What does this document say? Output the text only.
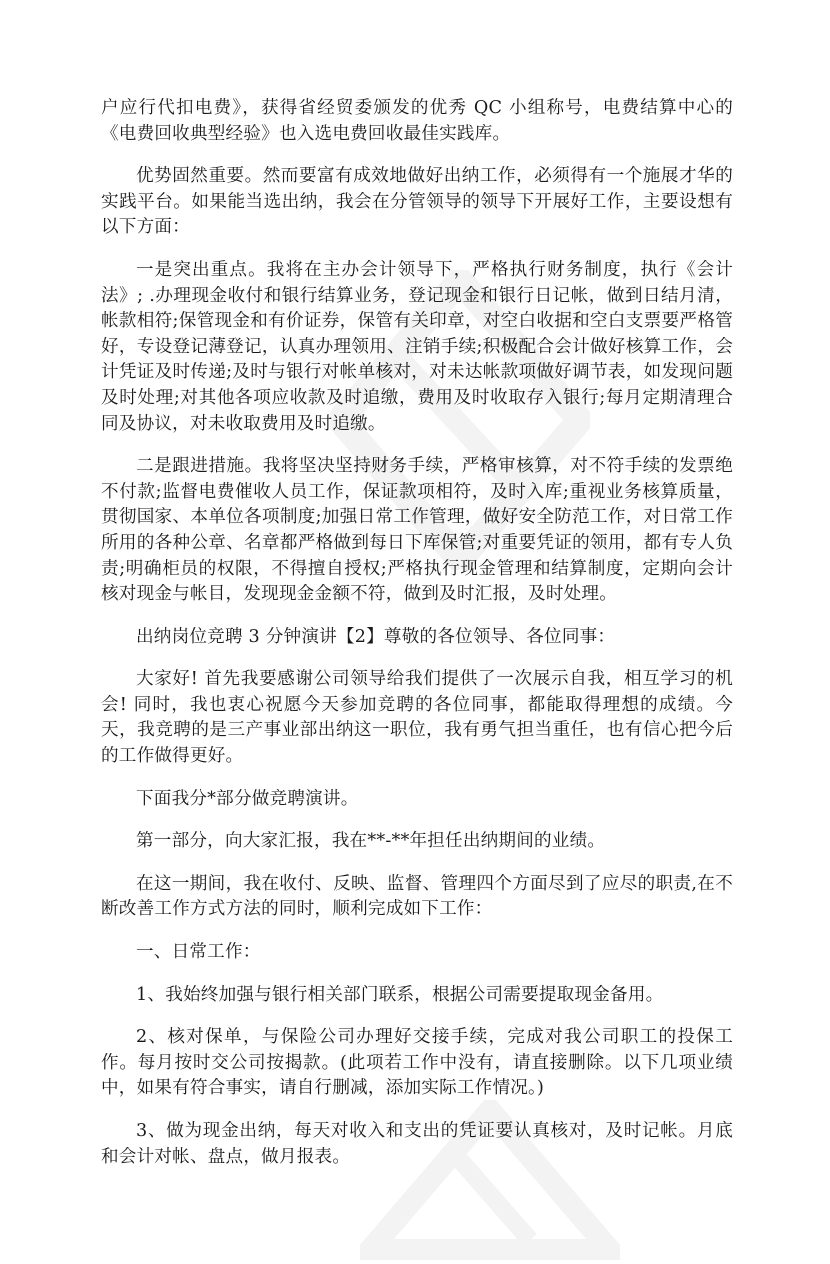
户应行代扣电费》，获得省经贸委颁发的优秀 QC 小组称号，电费结算中心的《电费回收典型经验》也入选电费回收最佳实践库。

优势固然重要。然而要富有成效地做好出纳工作，必须得有一个施展才华的实践平台。如果能当选出纳，我会在分管领导的领导下开展好工作，主要设想有以下方面：

一是突出重点。我将在主办会计领导下，严格执行财务制度，执行《会计法》; .办理现金收付和银行结算业务，登记现金和银行日记帐，做到日结月清，帐款相符;保管现金和有价证券，保管有关印章，对空白收据和空白支票要严格管好，专设登记薄登记，认真办理领用、注销手续;积极配合会计做好核算工作，会计凭证及时传递;及时与银行对帐单核对，对未达帐款项做好调节表，如发现问题及时处理;对其他各项应收款及时追缴，费用及时收取存入银行;每月定期清理合同及协议，对未收取费用及时追缴。

二是跟进措施。我将坚决坚持财务手续，严格审核算，对不符手续的发票绝不付款;监督电费催收人员工作，保证款项相符，及时入库;重视业务核算质量，贯彻国家、本单位各项制度;加强日常工作管理，做好安全防范工作，对日常工作所用的各种公章、名章都严格做到每日下库保管;对重要凭证的领用，都有专人负责;明确柜员的权限，不得擅自授权;严格执行现金管理和结算制度，定期向会计核对现金与帐目，发现现金金额不符，做到及时汇报，及时处理。

出纳岗位竞聘 3 分钟演讲【2】尊敬的各位领导、各位同事：

大家好! 首先我要感谢公司领导给我们提供了一次展示自我，相互学习的机会! 同时，我也衷心祝愿今天参加竞聘的各位同事，都能取得理想的成绩。今天，我竞聘的是三产事业部出纳这一职位，我有勇气担当重任，也有信心把今后的工作做得更好。

下面我分*部分做竞聘演讲。

第一部分，向大家汇报，我在**-**年担任出纳期间的业绩。

在这一期间，我在收付、反映、监督、管理四个方面尽到了应尽的职责,在不断改善工作方式方法的同时，顺利完成如下工作：

一、日常工作：

1、我始终加强与银行相关部门联系，根据公司需要提取现金备用。

2、核对保单，与保险公司办理好交接手续，完成对我公司职工的投保工作。每月按时交公司按揭款。(此项若工作中没有，请直接删除。以下几项业绩中，如果有符合事实，请自行删减，添加实际工作情况。)

3、做为现金出纳，每天对收入和支出的凭证要认真核对，及时记帐。月底和会计对帐、盘点，做月报表。
